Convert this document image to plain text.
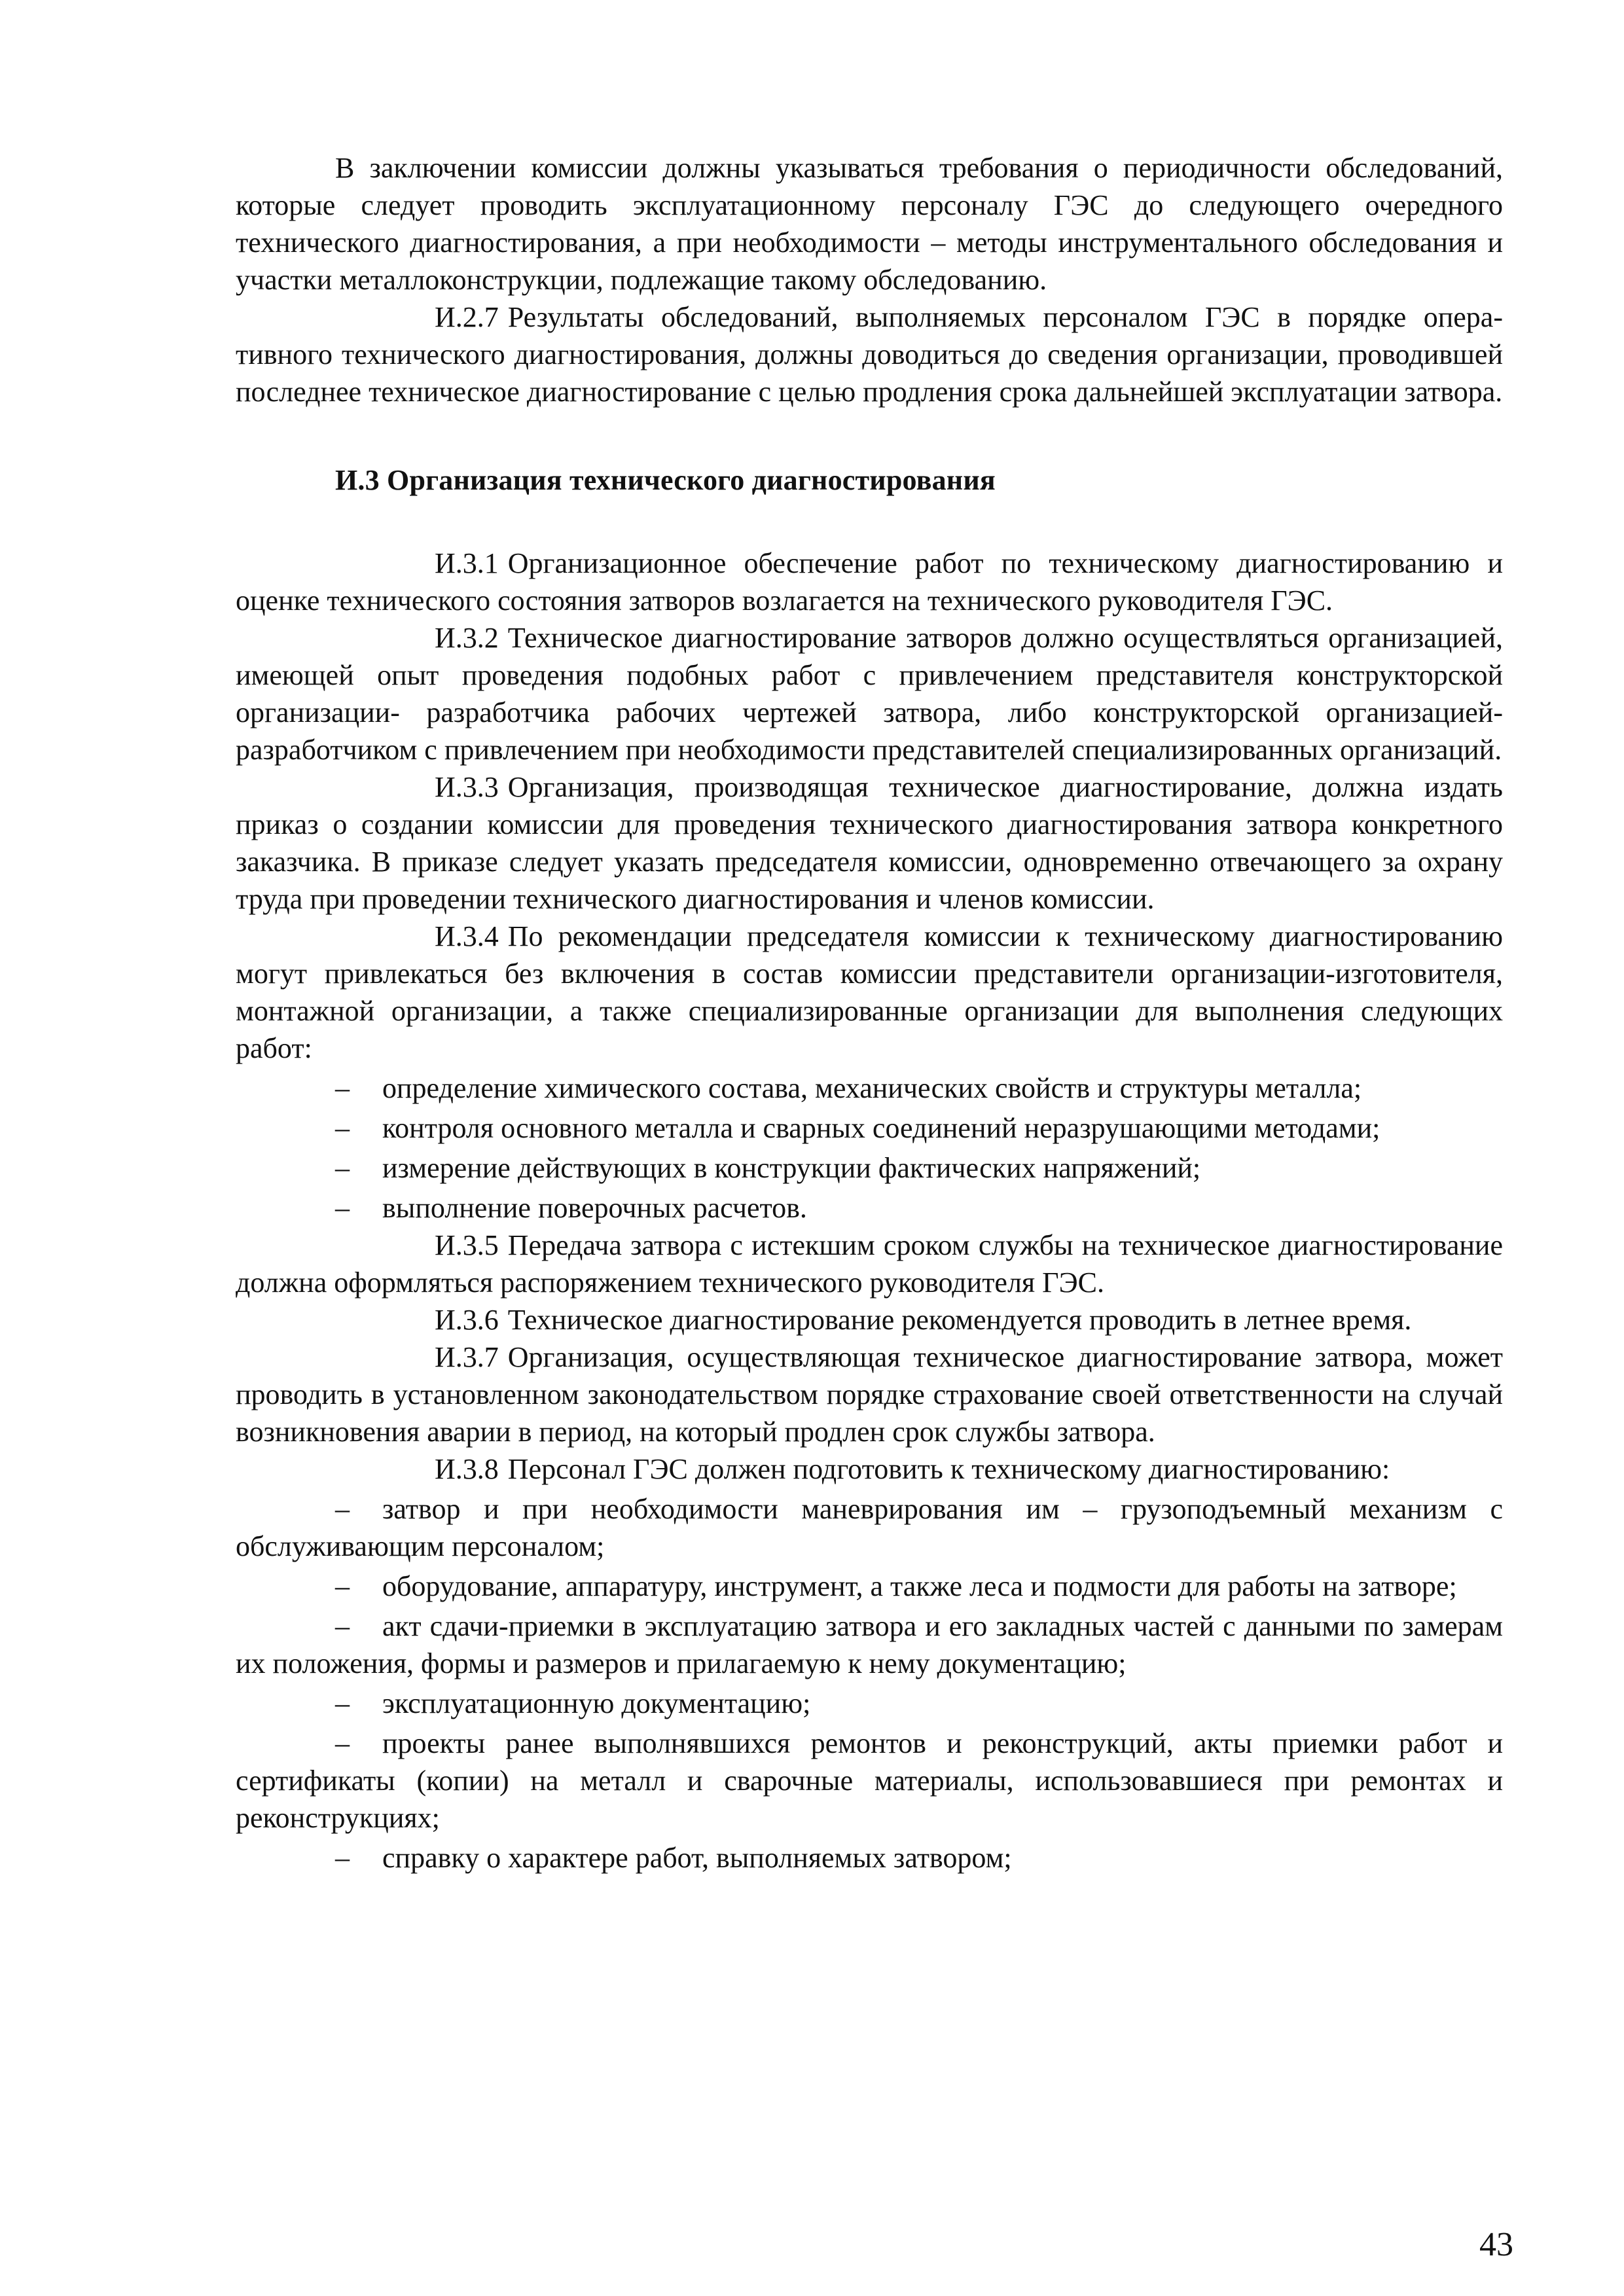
В заключении комиссии должны указываться требования о периодичности обследований, которые следует проводить эксплуатационному персоналу ГЭС до следующего очередного технического диагностирования, а при необходимости – методы инструментального обследования и участки металлоконструкции, подлежащие такому обследованию.

И.2.7 Результаты обследований, выполняемых персоналом ГЭС в порядке оперативного технического диагностирования, должны доводиться до сведения организации, проводившей последнее техническое диагностирование с целью продления срока дальнейшей эксплуатации затвора.

И.3 Организация технического диагностирования

И.3.1 Организационное обеспечение работ по техническому диагностированию и оценке технического состояния затворов возлагается на технического руководителя ГЭС.

И.3.2 Техническое диагностирование затворов должно осуществляться организацией, имеющей опыт проведения подобных работ с привлечением представителя конструкторской организации- разработчика рабочих чертежей затвора, либо конструкторской организацией-разработчиком с привлечением при необходимости представителей специализированных организаций.

И.3.3 Организация, производящая техническое диагностирование, должна издать приказ о создании комиссии для проведения технического диагностирования затвора конкретного заказчика. В приказе следует указать председателя комиссии, одновременно отвечающего за охрану труда при проведении технического диагностирования и членов комиссии.

И.3.4 По рекомендации председателя комиссии к техническому диагностированию могут привлекаться без включения в состав комиссии представители организации-изготовителя, монтажной организации, а также специализированные организации для выполнения следующих работ:

– определение химического состава, механических свойств и структуры металла;

– контроля основного металла и сварных соединений неразрушающими методами;

– измерение действующих в конструкции фактических напряжений;

– выполнение поверочных расчетов.

И.3.5 Передача затвора с истекшим сроком службы на техническое диагностирование должна оформляться распоряжением технического руководителя ГЭС.

И.3.6 Техническое диагностирование рекомендуется проводить в летнее время.

И.3.7 Организация, осуществляющая техническое диагностирование затвора, может проводить в установленном законодательством порядке страхование своей ответственности на случай возникновения аварии в период, на который продлен срок службы затвора.

И.3.8 Персонал ГЭС должен подготовить к техническому диагностированию:

– затвор и при необходимости маневрирования им – грузоподъемный механизм с обслуживающим персоналом;

– оборудование, аппаратуру, инструмент, а также леса и подмости для работы на затворе;

– акт сдачи-приемки в эксплуатацию затвора и его закладных частей с данными по замерам их положения, формы и размеров и прилагаемую к нему документацию;

– эксплуатационную документацию;

– проекты ранее выполнявшихся ремонтов и реконструкций, акты приемки работ и сертификаты (копии) на металл и сварочные материалы, использовавшиеся при ремонтах и реконструкциях;

– справку о характере работ, выполняемых затвором;

43
